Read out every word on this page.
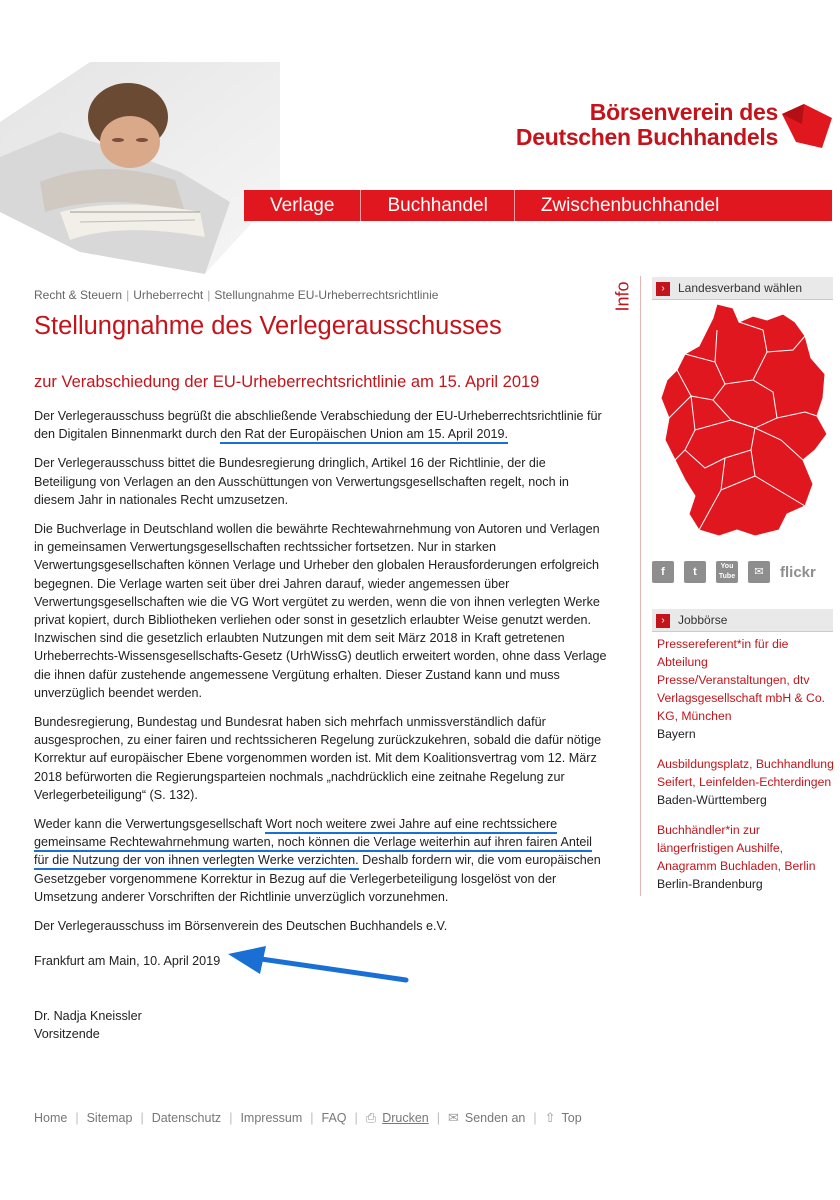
Börsenverein des
Deutschen Buchhandels
Verlage	Buchhandel	Zwischenbuchhandel
Recht & Steuern | Urheberrecht | Stellungnahme EU-Urheberrechtsrichtlinie
Stellungnahme des Verlegerausschusses
zur Verabschiedung der EU-Urheberrechtsrichtlinie am 15. April 2019

Der Verlegerausschuss begrüßt die abschließende Verabschiedung der EU-Urheberrechtsrichtlinie für den Digitalen Binnenmarkt durch den Rat der Europäischen Union am 15. April 2019.

Der Verlegerausschuss bittet die Bundesregierung dringlich, Artikel 16 der Richtlinie, der die Beteiligung von Verlagen an den Ausschüttungen von Verwertungsgesellschaften regelt, noch in diesem Jahr in nationales Recht umzusetzen.

Die Buchverlage in Deutschland wollen die bewährte Rechtewahrnehmung von Autoren und Verlagen in gemeinsamen Verwertungsgesellschaften rechtssicher fortsetzen. Nur in starken Verwertungsgesellschaften können Verlage und Urheber den globalen Herausforderungen erfolgreich begegnen. Die Verlage warten seit über drei Jahren darauf, wieder angemessen über Verwertungsgesellschaften wie die VG Wort vergütet zu werden, wenn die von ihnen verlegten Werke privat kopiert, durch Bibliotheken verliehen oder sonst in gesetzlich erlaubter Weise genutzt werden. Inzwischen sind die gesetzlich erlaubten Nutzungen mit dem seit März 2018 in Kraft getretenen Urheberrechts-Wissensgesellschafts-Gesetz (UrhWissG) deutlich erweitert worden, ohne dass Verlage die ihnen dafür zustehende angemessene Vergütung erhalten. Dieser Zustand kann und muss unverzüglich beendet werden.

Bundesregierung, Bundestag und Bundesrat haben sich mehrfach unmissverständlich dafür ausgesprochen, zu einer fairen und rechtssicheren Regelung zurückzukehren, sobald die dafür nötige Korrektur auf europäischer Ebene vorgenommen worden ist. Mit dem Koalitionsvertrag vom 12. März 2018 befürworten die Regierungsparteien nochmals „nachdrücklich eine zeitnahe Regelung zur Verlegerbeteiligung“ (S. 132).

Weder kann die Verwertungsgesellschaft Wort noch weitere zwei Jahre auf eine rechtssichere gemeinsame Rechtewahrnehmung warten, noch können die Verlage weiterhin auf ihren fairen Anteil für die Nutzung der von ihnen verlegten Werke verzichten. Deshalb fordern wir, die vom europäischen Gesetzgeber vorgenommene Korrektur in Bezug auf die Verlegerbeteiligung losgelöst von der Umsetzung anderer Vorschriften der Richtlinie unverzüglich vorzunehmen.

Der Verlegerausschuss im Börsenverein des Deutschen Buchhandels e.V.

Frankfurt am Main, 10. April 2019
Dr. Nadja Kneissler
Vorsitzende
Info	› Landesverband wählen
f	t	You Tube	✉	flickr
› Jobbörse
Pressereferent*in für die Abteilung Presse/Veranstaltungen, dtv Verlagsgesellschaft mbH & Co. KG, München
Bayern
Ausbildungsplatz, Buchhandlung Seifert, Leinfelden-Echterdingen
Baden-Württemberg
Buchhändler*in zur längerfristigen Aushilfe, Anagramm Buchladen, Berlin
Berlin-Brandenburg
Home | Sitemap | Datenschutz | Impressum | FAQ | ⎙ Drucken | ✉ Senden an | ⇧ Top
